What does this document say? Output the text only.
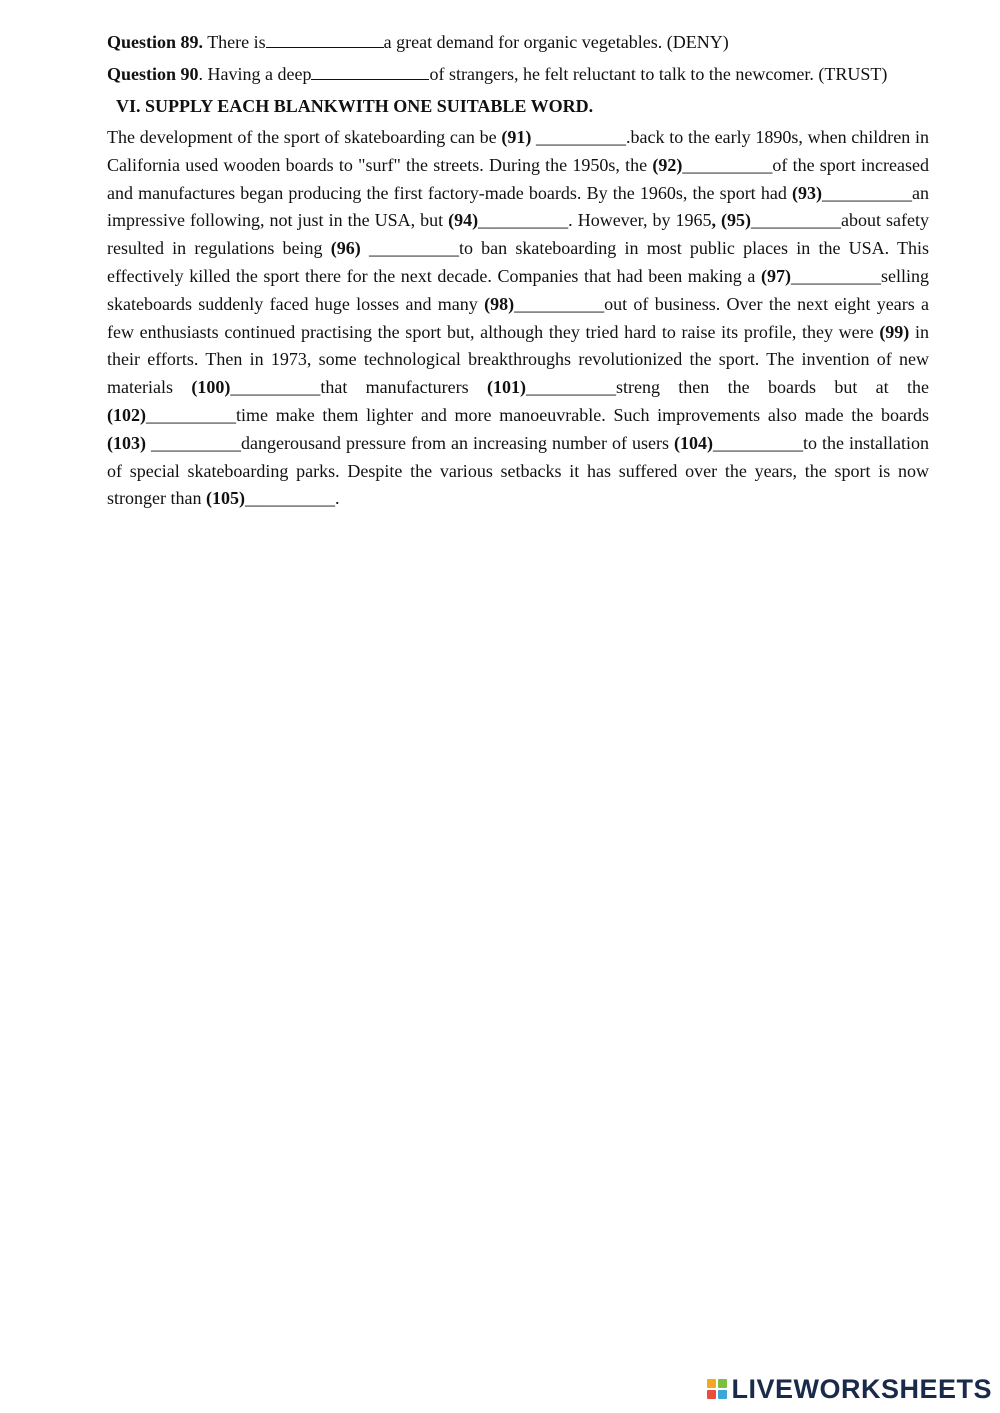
Question 89. There is	a great demand for organic vegetables. (DENY)

Question 90. Having a deep	of strangers, he felt reluctant to talk to the newcomer. (TRUST)

VI. SUPPLY EACH BLANKWITH ONE SUITABLE WORD.

The development of the sport of skateboarding can be (91) __________.back to the early 1890s, when children in California used wooden boards to "surf" the streets. During the 1950s, the (92)__________of the sport increased and manufactures began producing the first factory-made boards. By the 1960s, the sport had (93)__________an impressive following, not just in the USA, but (94)__________. However, by 1965, (95)__________about safety resulted in regulations being (96) __________to ban skateboarding in most public places in the USA. This effectively killed the sport there for the next decade. Companies that had been making a (97)__________selling skateboards suddenly faced huge losses and many (98)__________out of business. Over the next eight years a few enthusiasts continued practising the sport but, although they tried hard to raise its profile, they were (99) in their efforts. Then in 1973, some technological breakthroughs revolutionized the sport. The invention of new materials (100)__________that manufacturers (101)__________streng then the boards but at the (102)__________time make them lighter and more manoeuvrable. Such improvements also made the boards (103) __________dangerousand pressure from an increasing number of users (104)__________to the installation of special skateboarding parks. Despite the various setbacks it has suffered over the years, the sport is now stronger than (105)__________.

LIVEWORKSHEETS
